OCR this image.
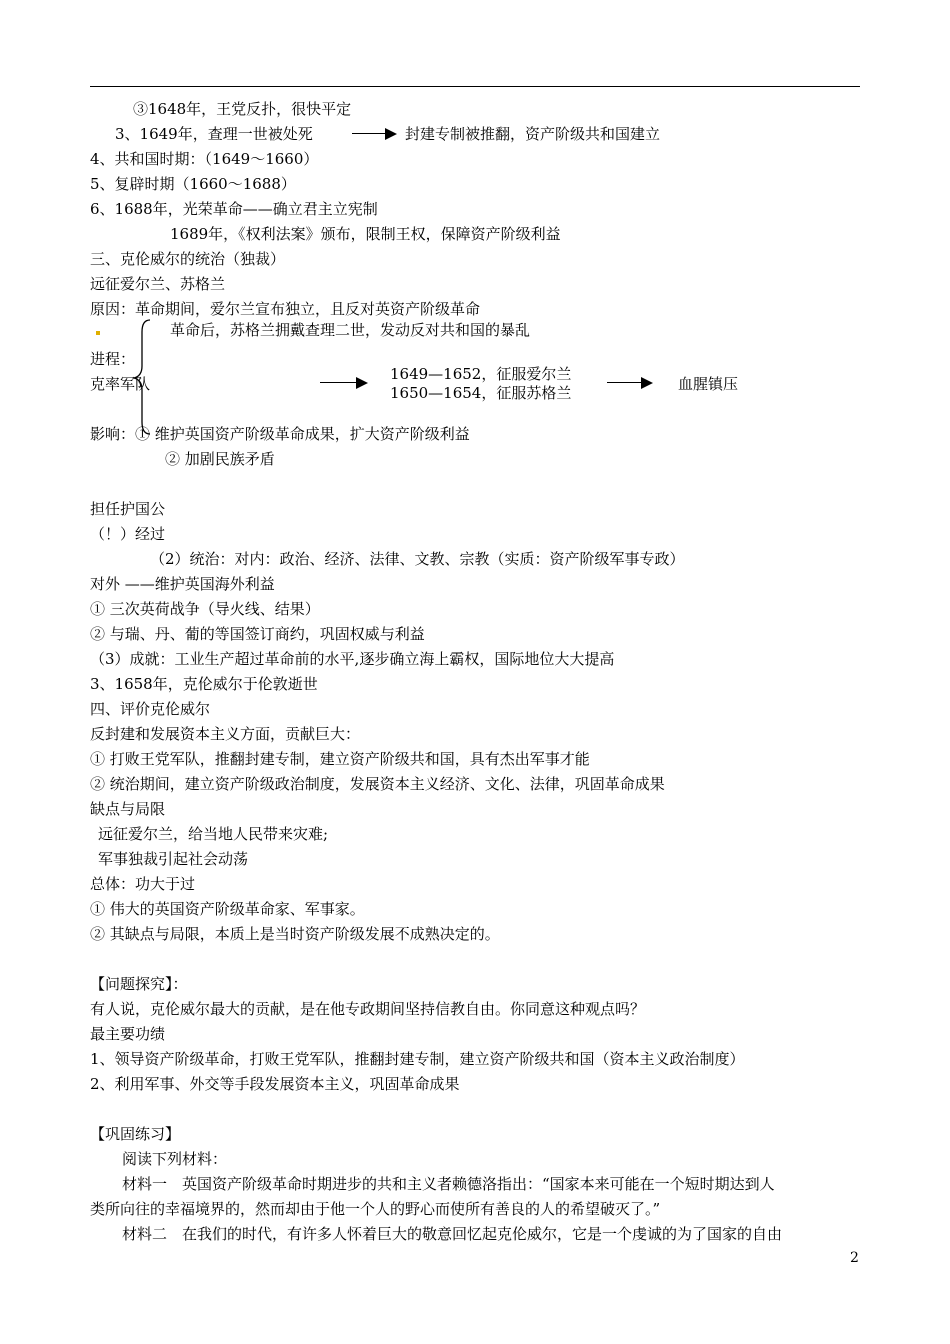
③1648年，王党反扑，很快平定
3、1649年，查理一世被处死	封建专制被推翻，资产阶级共和国建立
4、共和国时期：（1649～1660）
5、复辟时期（1660～1688）
6、1688年，光荣革命——确立君主立宪制
1689年，《权利法案》颁布，限制王权，保障资产阶级利益
三、克伦威尔的统治（独裁）
远征爱尔兰、苏格兰
原因：革命期间，爱尔兰宣布独立，且反对英资产阶级革命
革命后，苏格兰拥戴查理二世，发动反对共和国的暴乱
进程：
克率军队
1649—1652，征服爱尔兰
1650—1654，征服苏格兰	血腥镇压
影响：① 维护英国资产阶级革命成果，扩大资产阶级利益
② 加剧民族矛盾
担任护国公
（！）经过
（2）统治：对内：政治、经济、法律、文教、宗教（实质：资产阶级军事专政）
对外 ——维护英国海外利益
① 三次英荷战争（导火线、结果）
② 与瑞、丹、葡的等国签订商约，巩固权威与利益
（3）成就：工业生产超过革命前的水平,逐步确立海上霸权，国际地位大大提高
3、1658年，克伦威尔于伦敦逝世
四、评价克伦威尔
反封建和发展资本主义方面，贡献巨大：
① 打败王党军队，推翻封建专制，建立资产阶级共和国，具有杰出军事才能
② 统治期间，建立资产阶级政治制度，发展资本主义经济、文化、法律，巩固革命成果
缺点与局限
远征爱尔兰，给当地人民带来灾难;
军事独裁引起社会动荡
总体：功大于过
① 伟大的英国资产阶级革命家、军事家。
② 其缺点与局限，本质上是当时资产阶级发展不成熟决定的。
【问题探究】：
有人说，克伦威尔最大的贡献，是在他专政期间坚持信教自由。你同意这种观点吗？
最主要功绩
1、领导资产阶级革命，打败王党军队，推翻封建专制，建立资产阶级共和国（资本主义政治制度）
2、利用军事、外交等手段发展资本主义，巩固革命成果
【巩固练习】
阅读下列材料：
材料一　英国资产阶级革命时期进步的共和主义者赖德洛指出：“国家本来可能在一个短时期达到人
类所向往的幸福境界的，然而却由于他一个人的野心而使所有善良的人的希望破灭了。”
材料二　在我们的时代，有许多人怀着巨大的敬意回忆起克伦威尔，它是一个虔诚的为了国家的自由
2
